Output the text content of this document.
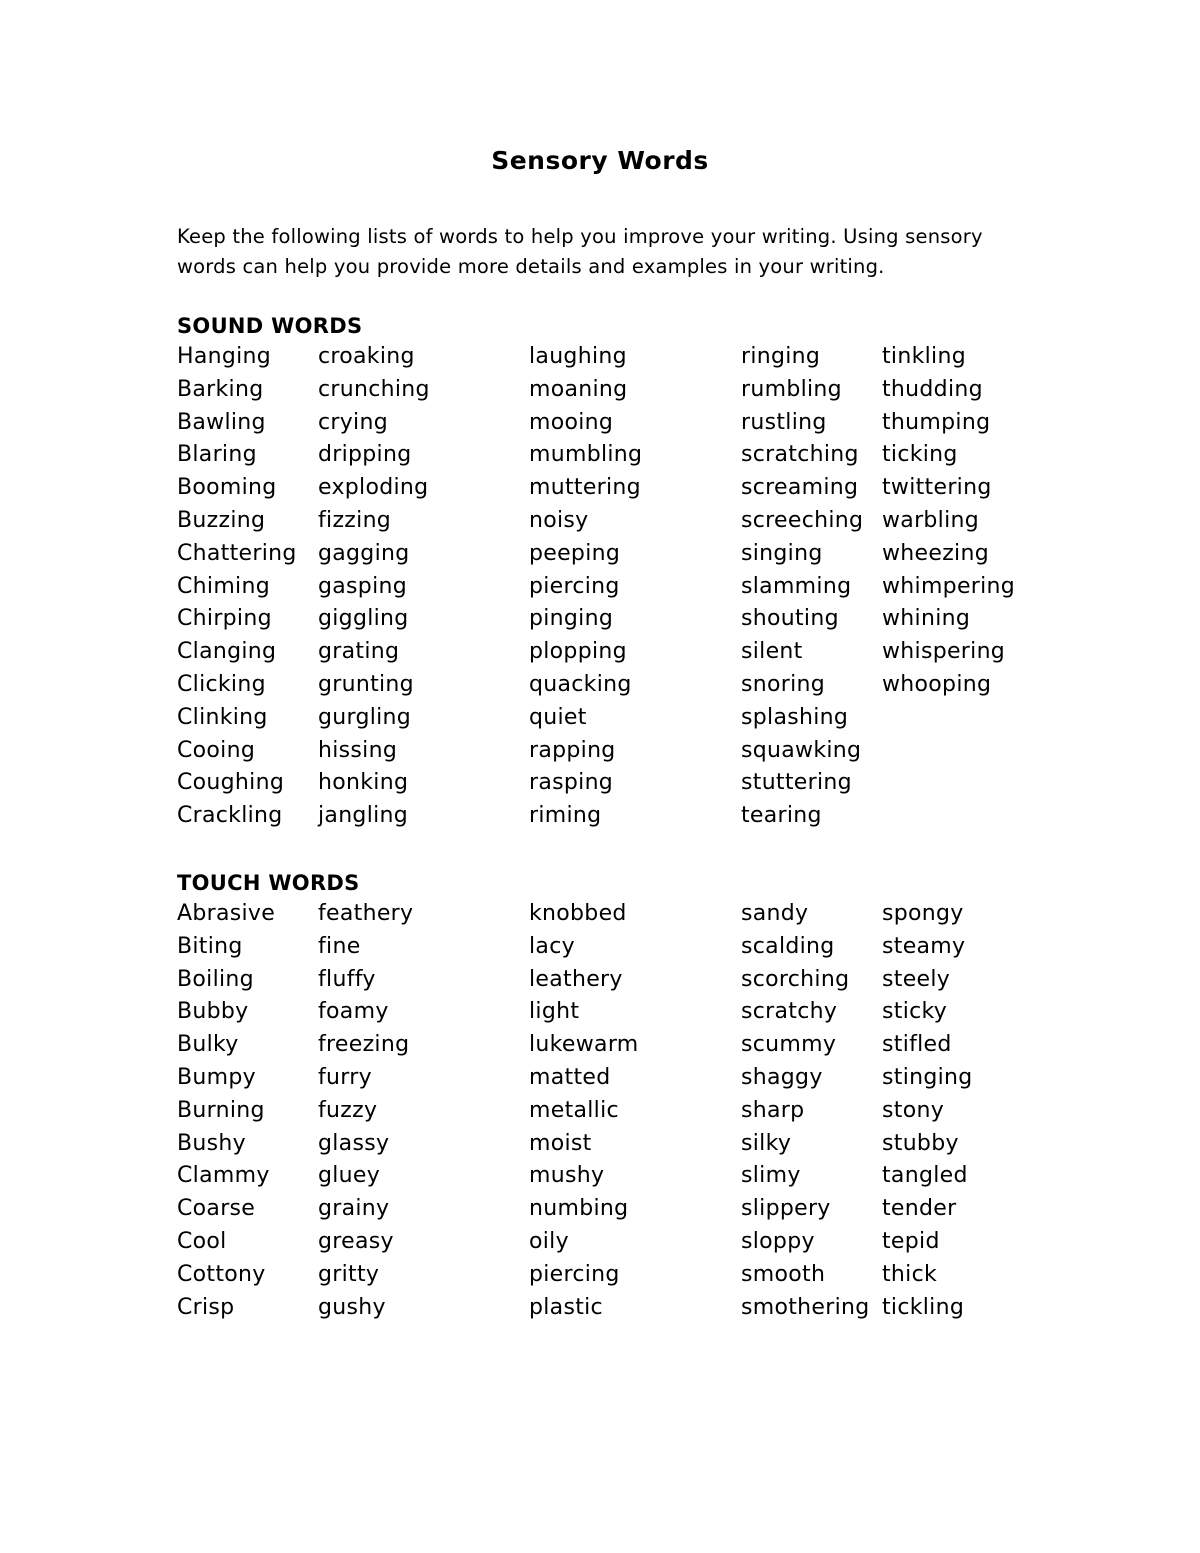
Sensory Words

Keep the following lists of words to help you improve your writing. Using sensory words can help you provide more details and examples in your writing.

SOUND WORDS
Hanging
Barking
Bawling
Blaring
Booming
Buzzing
Chattering
Chiming
Chirping
Clanging
Clicking
Clinking
Cooing
Coughing
Crackling
croaking
crunching
crying
dripping
exploding
fizzing
gagging
gasping
giggling
grating
grunting
gurgling
hissing
honking
jangling
laughing
moaning
mooing
mumbling
muttering
noisy
peeping
piercing
pinging
plopping
quacking
quiet
rapping
rasping
riming
ringing
rumbling
rustling
scratching
screaming
screeching
singing
slamming
shouting
silent
snoring
splashing
squawking
stuttering
tearing
tinkling
thudding
thumping
ticking
twittering
warbling
wheezing
whimpering
whining
whispering
whooping
TOUCH WORDS
Abrasive
Biting
Boiling
Bubby
Bulky
Bumpy
Burning
Bushy
Clammy
Coarse
Cool
Cottony
Crisp
feathery
fine
fluffy
foamy
freezing
furry
fuzzy
glassy
gluey
grainy
greasy
gritty
gushy
knobbed
lacy
leathery
light
lukewarm
matted
metallic
moist
mushy
numbing
oily
piercing
plastic
sandy
scalding
scorching
scratchy
scummy
shaggy
sharp
silky
slimy
slippery
sloppy
smooth
smothering
spongy
steamy
steely
sticky
stifled
stinging
stony
stubby
tangled
tender
tepid
thick
tickling
